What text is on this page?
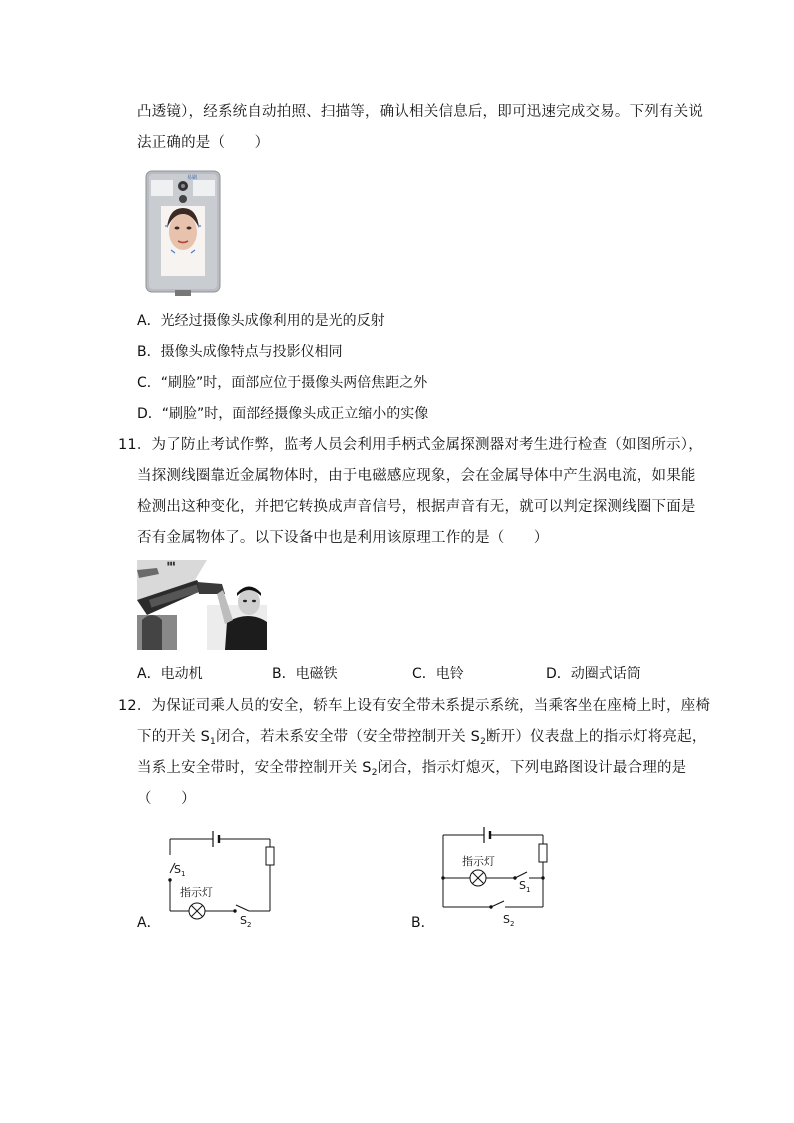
凸透镜），经系统自动拍照、扫描等，确认相关信息后，即可迅速完成交易。下列有关说
法正确的是（　　）
易刷
A．光经过摄像头成像利用的是光的反射
B．摄像头成像特点与投影仪相同
C．“刷脸”时，面部应位于摄像头两倍焦距之外
D．“刷脸”时，面部经摄像头成正立缩小的实像
11．为了防止考试作弊，监考人员会利用手柄式金属探测器对考生进行检查（如图所示），
当探测线圈靠近金属物体时，由于电磁感应现象，会在金属导体中产生涡电流，如果能
检测出这种变化，并把它转换成声音信号，根据声音有无，就可以判定探测线圈下面是
否有金属物体了。以下设备中也是利用该原理工作的是（　　）
▮▮▮
A．电动机	B．电磁铁	C．电铃	D．动圈式话筒
12．为保证司乘人员的安全，轿车上设有安全带未系提示系统，当乘客坐在座椅上时，座椅
下的开关 $S_1$闭合，若未系安全带（安全带控制开关 $S_2$断开）仪表盘上的指示灯将亮起，
当系上安全带时，安全带控制开关 $S_2$闭合，指示灯熄灭，下列电路图设计最合理的是
（　　）
S 1
指示灯
S 2
A．
指示灯
S 1
S 2
B．
